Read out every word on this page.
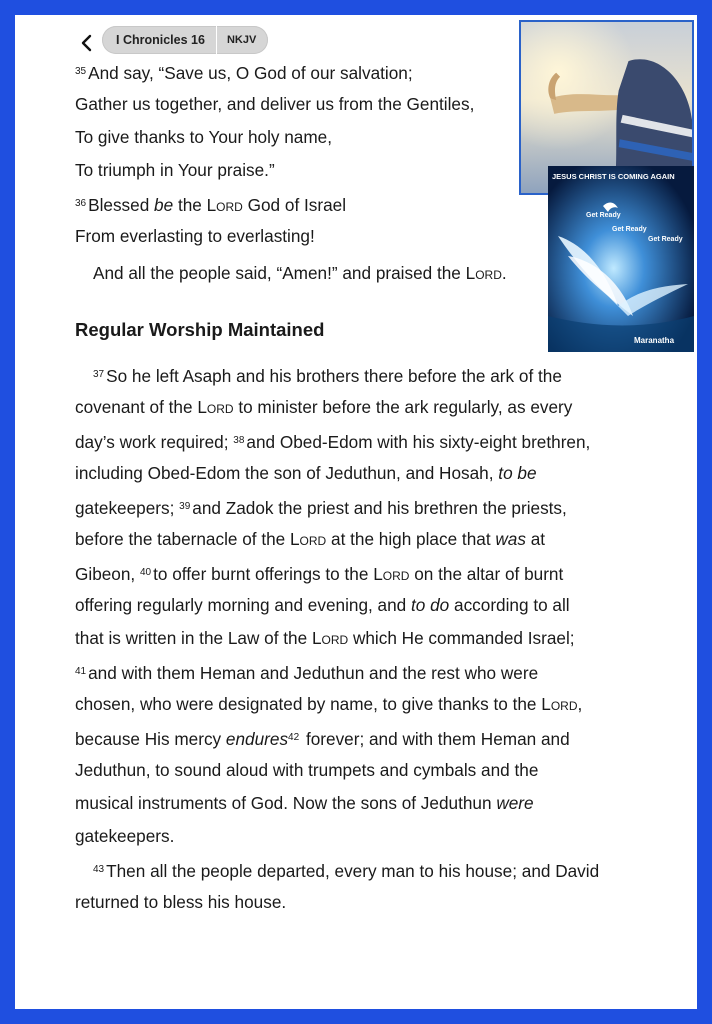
I Chronicles 16	NKJV
$^{35}$ And say, “Save us, O God of our salvation;
Gather us together, and deliver us from the Gentiles,
To give thanks to Your holy name,
To triumph in Your praise.”
$^{36}$ Blessed be the Lord God of Israel
From everlasting to everlasting!
And all the people said, “Amen!” and praised the Lord.
Regular Worship Maintained
$^{37}$ So he left Asaph and his brothers there before the ark of the
covenant of the Lord to minister before the ark regularly, as every
day’s work required; $^{38}$ and Obed-Edom with his sixty-eight brethren,
including Obed-Edom the son of Jeduthun, and Hosah, to be
gatekeepers; $^{39}$ and Zadok the priest and his brethren the priests,
before the tabernacle of the Lord at the high place that was at
Gibeon, $^{40}$ to offer burnt offerings to the Lord on the altar of burnt
offering regularly morning and evening, and to do according to all
that is written in the Law of the Lord which He commanded Israel;
$^{41}$ and with them Heman and Jeduthun and the rest who were
chosen, who were designated by name, to give thanks to the Lord,
because His mercy endures$^{42}$ forever; and with them Heman and
Jeduthun, to sound aloud with trumpets and cymbals and the
musical instruments of God. Now the sons of Jeduthun were
gatekeepers.
$^{43}$ Then all the people departed, every man to his house; and David
returned to bless his house.
JESUS CHRIST IS COMING AGAIN
Get Ready
Get Ready
Get Ready
Maranatha
